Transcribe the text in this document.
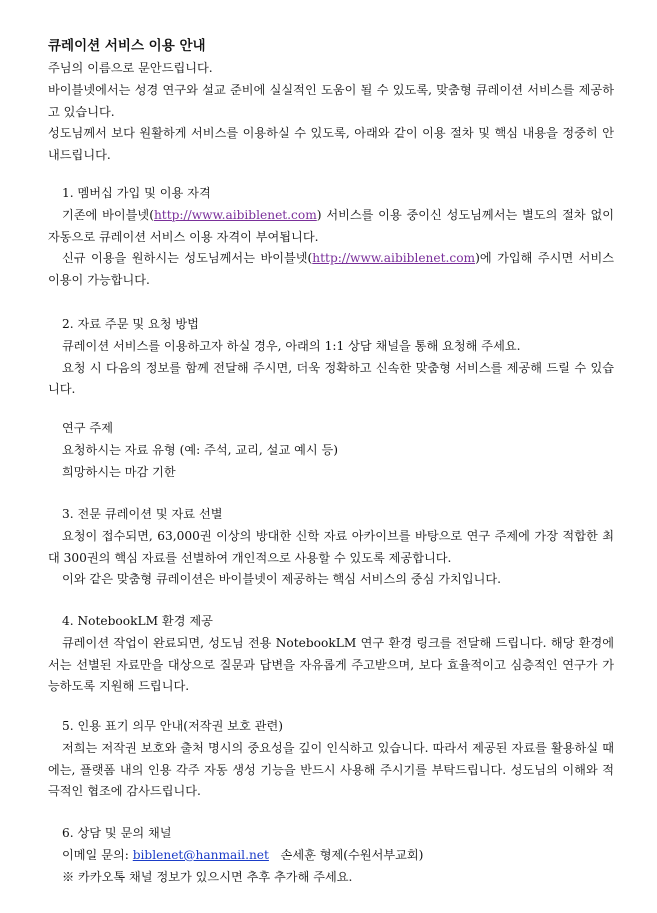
큐레이션 서비스 이용 안내
주님의 이름으로 문안드립니다.
바이블넷에서는 성경 연구와 설교 준비에 실실적인 도움이 될 수 있도록, 맞춤형 큐레이션 서비스를 제공하고 있습니다.
성도님께서 보다 원활하게 서비스를 이용하실 수 있도록, 아래와 같이 이용 절차 및 핵심 내용을 정중히 안내드립니다.
1. 멤버십 가입 및 이용 자격
기존에 바이블넷(http://www.aibiblenet.com) 서비스를 이용 중이신 성도님께서는 별도의 절차 없이 자동으로 큐레이션 서비스 이용 자격이 부여됩니다.
신규 이용을 원하시는 성도님께서는 바이블넷(http://www.aibiblenet.com)에 가입해 주시면 서비스 이용이 가능합니다.
2. 자료 주문 및 요청 방법
큐레이션 서비스를 이용하고자 하실 경우, 아래의 1:1 상담 채널을 통해 요청해 주세요.
요청 시 다음의 정보를 함께 전달해 주시면, 더욱 정확하고 신속한 맞춤형 서비스를 제공해 드릴 수 있습니다.
연구 주제
요청하시는 자료 유형 (예: 주석, 교리, 설교 예시 등)
희망하시는 마감 기한
3. 전문 큐레이션 및 자료 선별
요청이 접수되면, 63,000권 이상의 방대한 신학 자료 아카이브를 바탕으로 연구 주제에 가장 적합한 최대 300권의 핵심 자료를 선별하여 개인적으로 사용할 수 있도록 제공합니다.
이와 같은 맞춤형 큐레이션은 바이블넷이 제공하는 핵심 서비스의 중심 가치입니다.
4. NotebookLM 환경 제공
큐레이션 작업이 완료되면, 성도님 전용 NotebookLM 연구 환경 링크를 전달해 드립니다. 해당 환경에서는 선별된 자료만을 대상으로 질문과 답변을 자유롭게 주고받으며, 보다 효율적이고 심층적인 연구가 가능하도록 지원해 드립니다.
5. 인용 표기 의무 안내(저작권 보호 관련)
저희는 저작권 보호와 출처 명시의 중요성을 깊이 인식하고 있습니다. 따라서 제공된 자료를 활용하실 때에는, 플랫폼 내의 인용 각주 자동 생성 기능을 반드시 사용해 주시기를 부탁드립니다. 성도님의 이해와 적극적인 협조에 감사드립니다.
6. 상담 및 문의 채널
이메일 문의: biblenet@hanmail.net 손세훈 형제(수원서부교회)
※ 카카오톡 채널 정보가 있으시면 추후 추가해 주세요.
